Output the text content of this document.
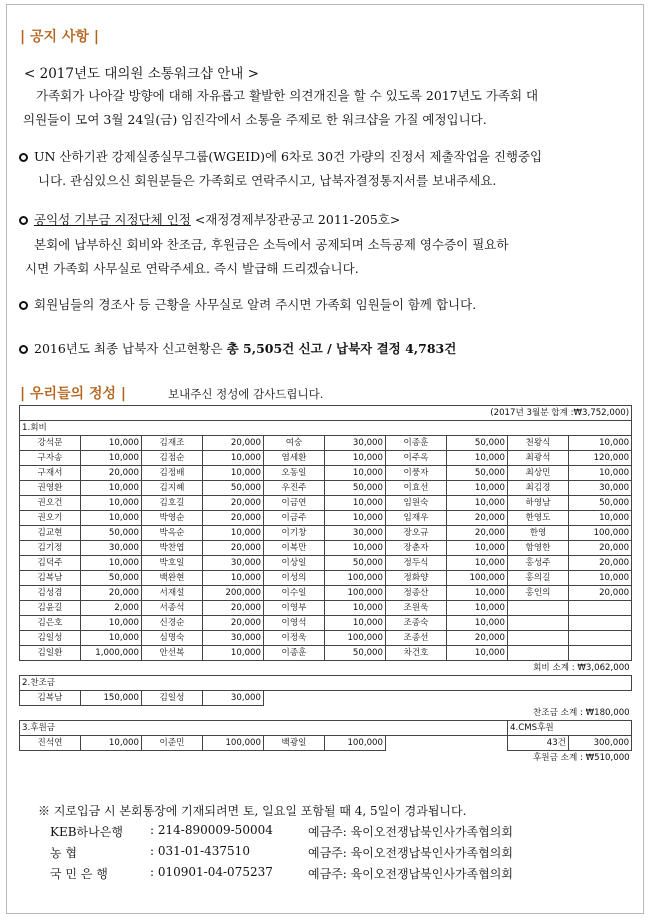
| 공지 사항 |
< 2017년도 대의원 소통워크샵 안내 >
가족회가 나아갈 방향에 대해 자유롭고 활발한 의견개진을 할 수 있도록 2017년도 가족회 대
의원들이 모여 3월 24일(금) 임진각에서 소통을 주제로 한 워크샵을 가질 예정입니다.
UN 산하기관 강제실종실무그룹(WGEID)에 6차로 30건 가량의 진정서 제출작업을 진행중입
니다. 관심있으신 회원분들은 가족회로 연락주시고, 납북자결정통지서를 보내주세요.
공익성 기부금 지정단체 인정 <재정경제부장관공고 2011-205호>
본회에 납부하신 회비와 찬조금, 후원금은 소득에서 공제되며 소득공제 영수증이 필요하
시면 가족회 사무실로 연락주세요. 즉시 발급해 드리겠습니다.
회원님들의 경조사 등 근황을 사무실로 알려 주시면 가족회 임원들이 함께 합니다.
2016년도 최종 납북자 신고현황은 총 5,505건 신고 / 납북자 결정 4,783건
| 우리들의 정성 |	보내주신 정성에 감사드립니다.
(2017년 3월분 합계 :₩3,752,000)									
1.회비									
강석문	10,000	김재조	20,000	여숭	30,000	이종훈	50,000	천왕식	10,000
구자송	10,000	김점순	10,000	염세환	10,000	이주옥	10,000	최광석	120,000
구재서	20,000	김정배	10,000	오동일	10,000	이풍자	50,000	최상민	10,000
권영환	10,000	김지혜	50,000	우진주	50,000	이효선	10,000	최김경	30,000
권오건	10,000	김호길	20,000	이금연	10,000	임원숙	10,000	하영남	50,000
권오기	10,000	박영순	20,000	이금주	10,000	임재우	20,000	한영도	10,000
김교현	50,000	박옥순	10,000	이기창	30,000	장오규	20,000	한영	100,000
김기정	30,000	박찬엽	20,000	이복만	10,000	장춘자	10,000	함영한	20,000
김덕주	10,000	박호일	30,000	이상일	50,000	정두식	10,000	홍성주	20,000
김복남	50,000	백완현	10,000	이성의	100,000	정화양	100,000	홍의길	10,000
김성겸	20,000	서재설	200,000	이수일	100,000	정종산	10,000	홍인의	20,000
김윤길	2,000	서종석	20,000	이영부	10,000	조원욱	10,000		
김은호	10,000	신경순	20,000	이영석	10,000	조종숙	10,000		
김일성	10,000	심명숙	30,000	이정욱	100,000	조종선	20,000		
김일환	1,000,000	안선복	10,000	이종훈	50,000	차건호	10,000		
회비 소계 : ₩3,062,000									
2.찬조금									
김복남	150,000	김일성	30,000						
찬조금 소계 : ₩180,000									
3.후원금								4.CMS후원	
진석연	10,000	이준민	100,000	백광일	100,000			43건	300,000
후원금 소계 : ₩510,000									
※ 지로입금 시 본회통장에 기재되려면 토, 일요일 포함될 때 4, 5일이 경과됩니다.
KEB하나은행 : 214-890009-50004	예금주: 육이오전쟁납북인사가족협의회
농 협	: 031-01-437510	예금주: 육이오전쟁납북인사가족협의회
국 민 은 행	: 010901-04-075237	예금주: 육이오전쟁납북인사가족협의회
